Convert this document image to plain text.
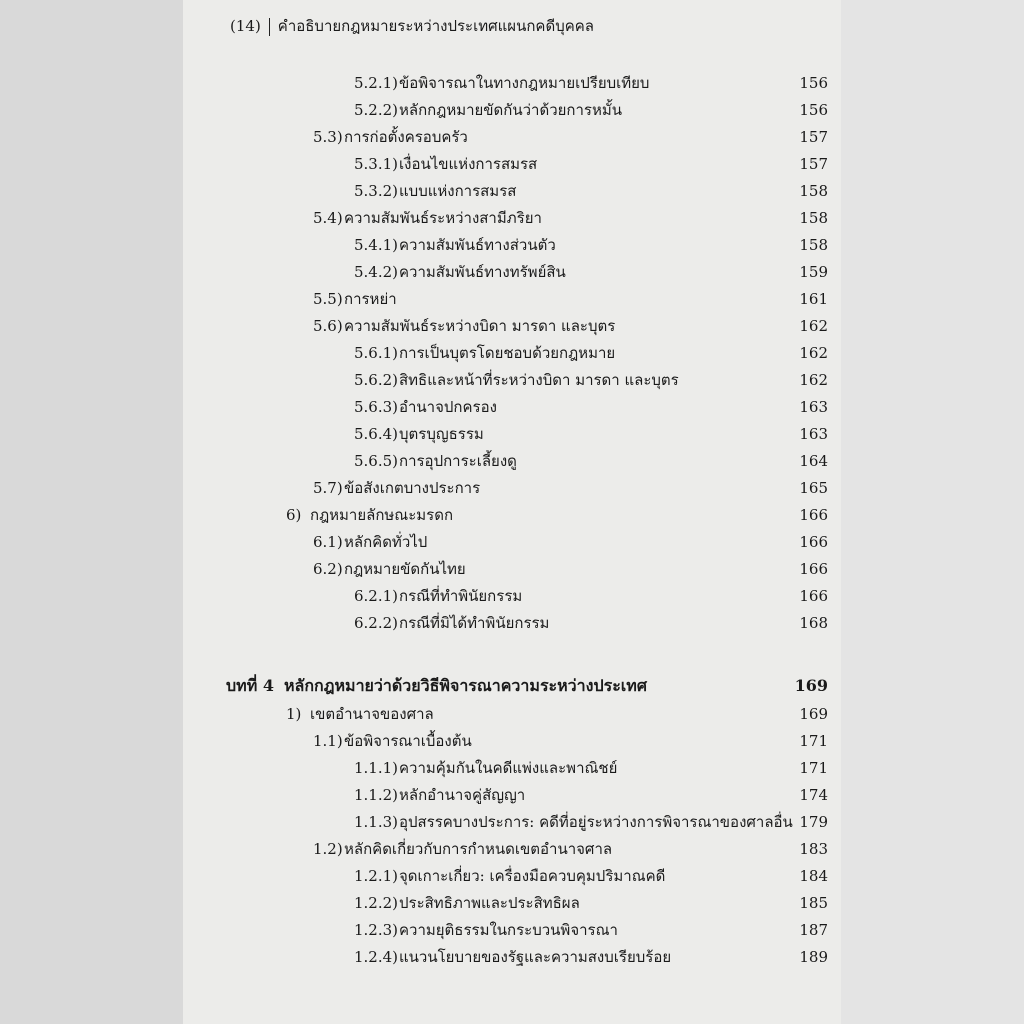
(14) คำอธิบายกฎหมายระหว่างประเทศแผนกคดีบุคคล
5.2.1) ข้อพิจารณาในทางกฎหมายเปรียบเทียบ	156
5.2.2) หลักกฎหมายขัดกันว่าด้วยการหมั้น	156
5.3) การก่อตั้งครอบครัว	157
5.3.1) เงื่อนไขแห่งการสมรส	157
5.3.2) แบบแห่งการสมรส	158
5.4) ความสัมพันธ์ระหว่างสามีภริยา	158
5.4.1) ความสัมพันธ์ทางส่วนตัว	158
5.4.2) ความสัมพันธ์ทางทรัพย์สิน	159
5.5) การหย่า	161
5.6) ความสัมพันธ์ระหว่างบิดา มารดา และบุตร	162
5.6.1) การเป็นบุตรโดยชอบด้วยกฎหมาย	162
5.6.2) สิทธิและหน้าที่ระหว่างบิดา มารดา และบุตร	162
5.6.3) อำนาจปกครอง	163
5.6.4) บุตรบุญธรรม	163
5.6.5) การอุปการะเลี้ยงดู	164
5.7) ข้อสังเกตบางประการ	165
6) กฎหมายลักษณะมรดก	166
6.1) หลักคิดทั่วไป	166
6.2) กฎหมายขัดกันไทย	166
6.2.1) กรณีที่ทำพินัยกรรม	166
6.2.2) กรณีที่มิได้ทำพินัยกรรม	168
บทที่ 4 หลักกฎหมายว่าด้วยวิธีพิจารณาความระหว่างประเทศ	169
1) เขตอำนาจของศาล	169
1.1) ข้อพิจารณาเบื้องต้น	171
1.1.1) ความคุ้มกันในคดีแพ่งและพาณิชย์	171
1.1.2) หลักอำนาจคู่สัญญา	174
1.1.3) อุปสรรคบางประการ: คดีที่อยู่ระหว่างการพิจารณาของศาลอื่น 179
1.2) หลักคิดเกี่ยวกับการกำหนดเขตอำนาจศาล	183
1.2.1) จุดเกาะเกี่ยว: เครื่องมือควบคุมปริมาณคดี	184
1.2.2) ประสิทธิภาพและประสิทธิผล	185
1.2.3) ความยุติธรรมในกระบวนพิจารณา	187
1.2.4) แนวนโยบายของรัฐและความสงบเรียบร้อย	189
